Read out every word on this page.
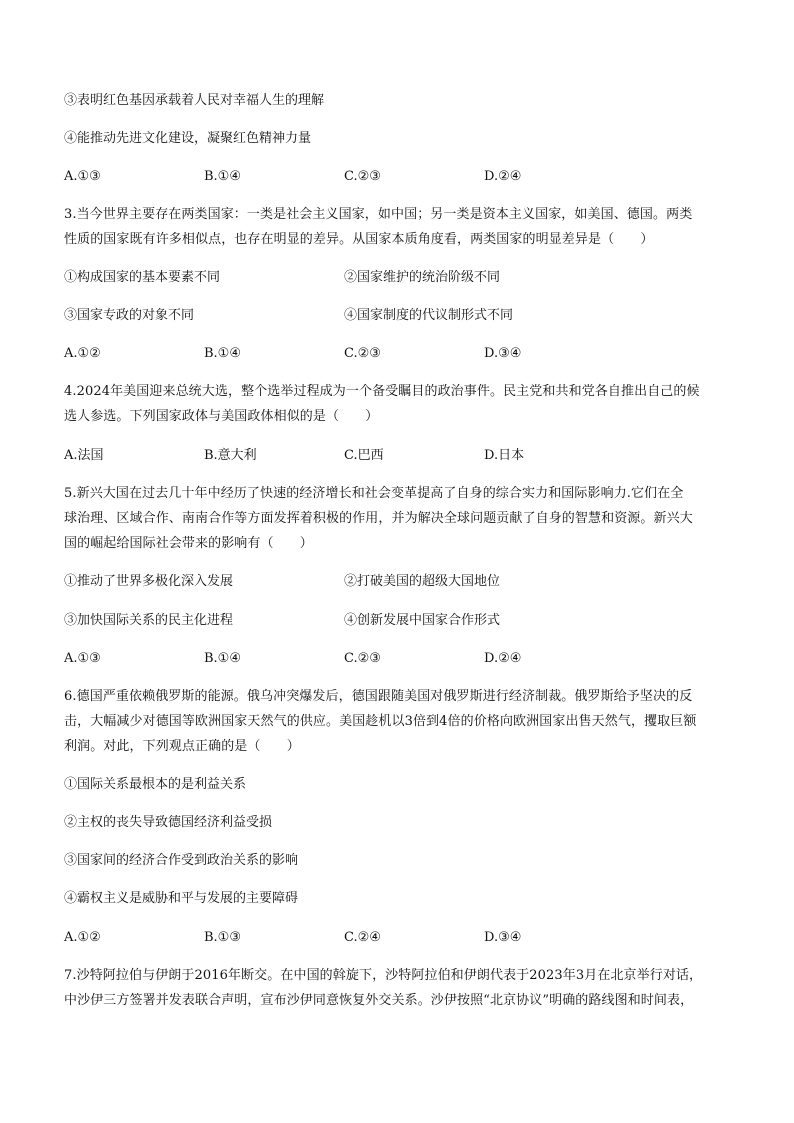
③表明红色基因承载着人民对幸福人生的理解
④能推动先进文化建设，凝聚红色精神力量
A.①③	B.①④	C.②③	D.②④
3.当今世界主要存在两类国家：一类是社会主义国家，如中国；另一类是资本主义国家，如美国、德国。两类
性质的国家既有许多相似点，也存在明显的差异。从国家本质角度看，两类国家的明显差异是（　　）
①构成国家的基本要素不同	②国家维护的统治阶级不同
③国家专政的对象不同	④国家制度的代议制形式不同
A.①②	B.①④	C.②③	D.③④
4.2024年美国迎来总统大选，整个选举过程成为一个备受瞩目的政治事件。民主党和共和党各自推出自己的候
选人参选。下列国家政体与美国政体相似的是（　　）
A.法国	B.意大利	C.巴西	D.日本
5.新兴大国在过去几十年中经历了快速的经济增长和社会变革提高了自身的综合实力和国际影响力.它们在全
球治理、区域合作、南南合作等方面发挥着积极的作用，并为解决全球问题贡献了自身的智慧和资源。新兴大
国的崛起给国际社会带来的影响有（　　）
①推动了世界多极化深入发展	②打破美国的超级大国地位
③加快国际关系的民主化进程	④创新发展中国家合作形式
A.①③	B.①④	C.②③	D.②④
6.德国严重依赖俄罗斯的能源。俄乌冲突爆发后，德国跟随美国对俄罗斯进行经济制裁。俄罗斯给予坚决的反
击，大幅减少对德国等欧洲国家天然气的供应。美国趁机以3倍到4倍的价格向欧洲国家出售天然气，攫取巨额
利润。对此，下列观点正确的是（　　）
①国际关系最根本的是利益关系
②主权的丧失导致德国经济利益受损
③国家间的经济合作受到政治关系的影响
④霸权主义是威胁和平与发展的主要障碍
A.①②	B.①③	C.②④	D.③④
7.沙特阿拉伯与伊朗于2016年断交。在中国的斡旋下，沙特阿拉伯和伊朗代表于2023年3月在北京举行对话，
中沙伊三方签署并发表联合声明，宣布沙伊同意恢复外交关系。沙伊按照“北京协议”明确的路线图和时间表，
